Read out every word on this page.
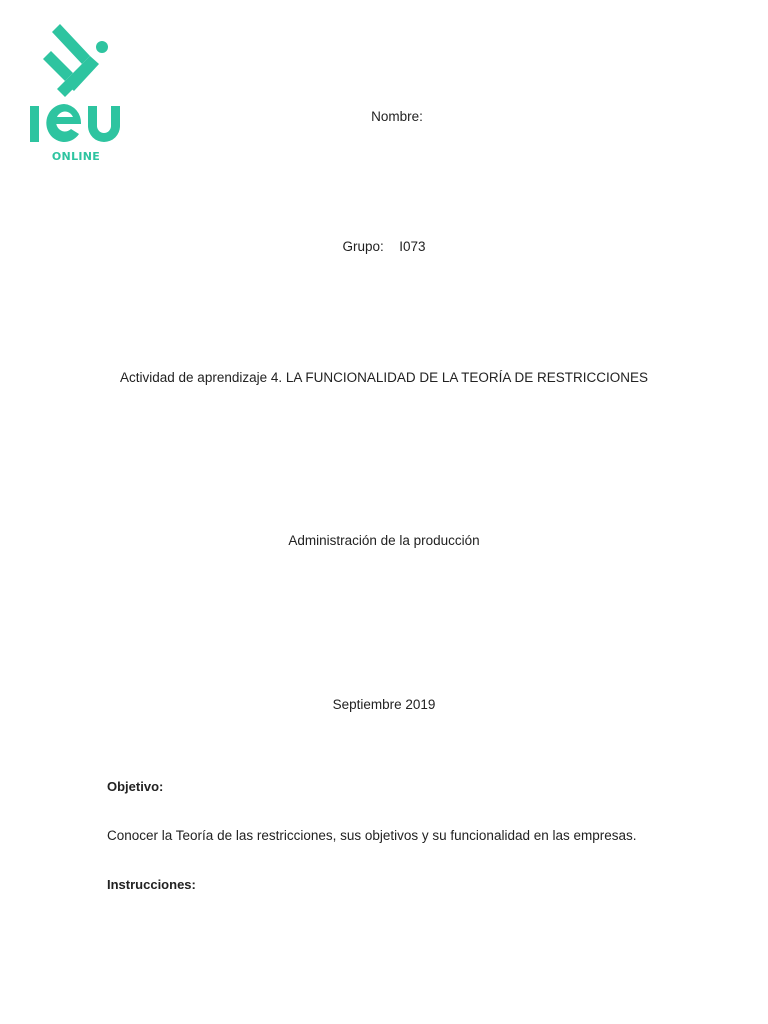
ONLINE
Nombre:
Grupo: I073
Actividad de aprendizaje 4. LA FUNCIONALIDAD DE LA TEORÍA DE RESTRICCIONES
Administración de la producción
Septiembre 2019
Objetivo:
Conocer la Teoría de las restricciones, sus objetivos y su funcionalidad en las empresas.
Instrucciones:
